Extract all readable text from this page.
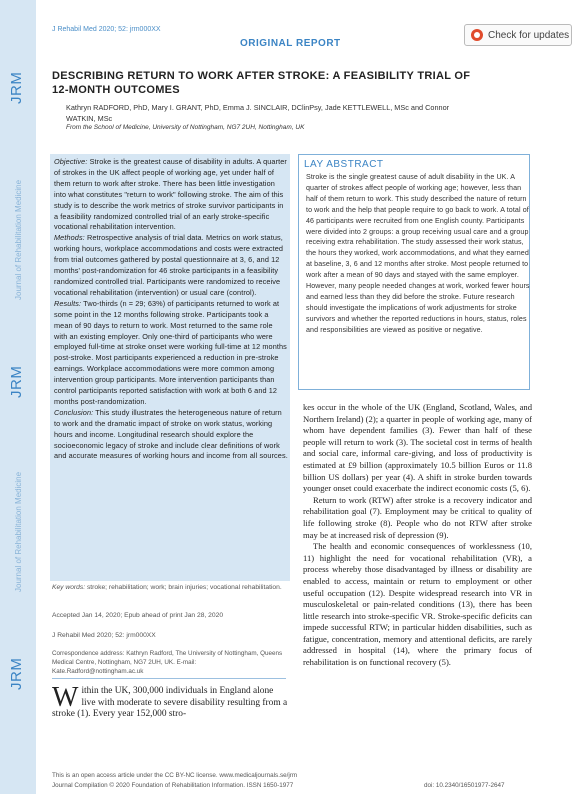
JRM
Journal of Rehabilitation Medicine
JRM
Journal of Rehabilitation Medicine
JRM
J Rehabil Med 2020; 52: jrm000XX	Check for updates
ORIGINAL REPORT
DESCRIBING RETURN TO WORK AFTER STROKE: A FEASIBILITY TRIAL OF
12-MONTH OUTCOMES
Kathryn RADFORD, PhD, Mary I. GRANT, PhD, Emma J. SINCLAIR, DClinPsy, Jade KETTLEWELL, MSc and Connor
WATKIN, MSc
From the School of Medicine, University of Nottingham, NG7 2UH, Nottingham, UK

Objective: Stroke is the greatest cause of disability in adults. A quarter of strokes in the UK affect people of working age, yet under half of them return to work after stroke. There has been little investigation into what constitutes "return to work" following stroke. The aim of this study is to describe the work metrics of stroke survivor participants in a feasibility randomized controlled trial of an early stroke-specific vocational rehabilitation intervention.

Methods: Retrospective analysis of trial data. Metrics on work status, working hours, workplace accommodations and costs were extracted from trial outcomes gathered by postal questionnaire at 3, 6, and 12 months' post-randomization for 46 stroke participants in a feasibility randomized controlled trial. Participants were randomized to receive vocational rehabilitation (intervention) or usual care (control).

Results: Two-thirds (n = 29; 63%) of participants returned to work at some point in the 12 months following stroke. Participants took a mean of 90 days to return to work. Most returned to the same role with an existing employer. Only one-third of participants who were employed full-time at stroke onset were working full-time at 12 months post-stroke. Most participants experienced a reduction in pre-stroke earnings. Workplace accommodations were more common among intervention group participants. More intervention participants than control participants reported satisfaction with work at both 6 and 12 months post-randomization.

Conclusion: This study illustrates the heterogeneous nature of return to work and the dramatic impact of stroke on work status, working hours and income. Longitudinal research should explore the socioeconomic legacy of stroke and include clear definitions of work and accurate measures of working hours and income from all sources.

LAY ABSTRACT
Stroke is the single greatest cause of adult disability in the UK. A quarter of strokes affect people of working age; however, less than half of them return to work. This study described the nature of return to work and the help that people require to go back to work. A total of 46 participants were recruited from one English county. Participants were divided into 2 groups: a group receiving usual care and a group receiving extra rehabilitation. The study assessed their work status, the hours they worked, work accommodations, and what they earned at baseline, 3, 6 and 12 months after stroke. Most people returned to work after a mean of 90 days and stayed with the same employer. However, many people needed changes at work, worked fewer hours and earned less than they did before the stroke. Future research should investigate the implications of work adjustments for stroke survivors and whether the reported reductions in hours, status, roles and responsibilities are viewed as positive or negative.
Key words: stroke; rehabilitation; work; brain injuries; vocational rehabilitation.
Accepted Jan 14, 2020; Epub ahead of print Jan 28, 2020
J Rehabil Med 2020; 52: jrm000XX
Correspondence address: Kathryn Radford, The University of Nottingham, Queens Medical Centre, Nottingham, NG7 2UH, UK. E-mail: Kate.Radford@nottingham.ac.uk
Within the UK, 300,000 individuals in England alone live with moderate to severe disability resulting from a stroke (1). Every year 152,000 stro-

kes occur in the whole of the UK (England, Scotland, Wales, and Northern Ireland) (2); a quarter in people of working age, many of whom have dependent families (3). Fewer than half of these people will return to work (3). The societal cost in terms of health and social care, informal care-giving, and loss of productivity is estimated at £9 billion (approximately 10.5 billion Euros or 11.8 billion US dollars) per year (4). A shift in stroke burden towards younger onset could exacerbate the indirect economic costs (5, 6).

Return to work (RTW) after stroke is a recovery indicator and rehabilitation goal (7). Employment may be critical to quality of life following stroke (8). People who do not RTW after stroke may be at increased risk of depression (9).

The health and economic consequences of worklessness (10, 11) highlight the need for vocational rehabilitation (VR), a process whereby those disadvantaged by illness or disability are enabled to access, maintain or return to employment or other useful occupation (12). Despite widespread research into VR in musculoskeletal or pain-related conditions (13), there has been little research into stroke-specific VR. Stroke-specific deficits can impede successful RTW; in particular hidden disabilities, such as fatigue, concentration, memory and attentional deficits, are rarely addressed in hospital (14), where the primary focus of rehabilitation is on functional recovery (5).

This is an open access article under the CC BY-NC license. www.medicaljournals.se/jrm
Journal Compilation © 2020 Foundation of Rehabilitation Information. ISSN 1650-1977	doi: 10.2340/16501977-2647
